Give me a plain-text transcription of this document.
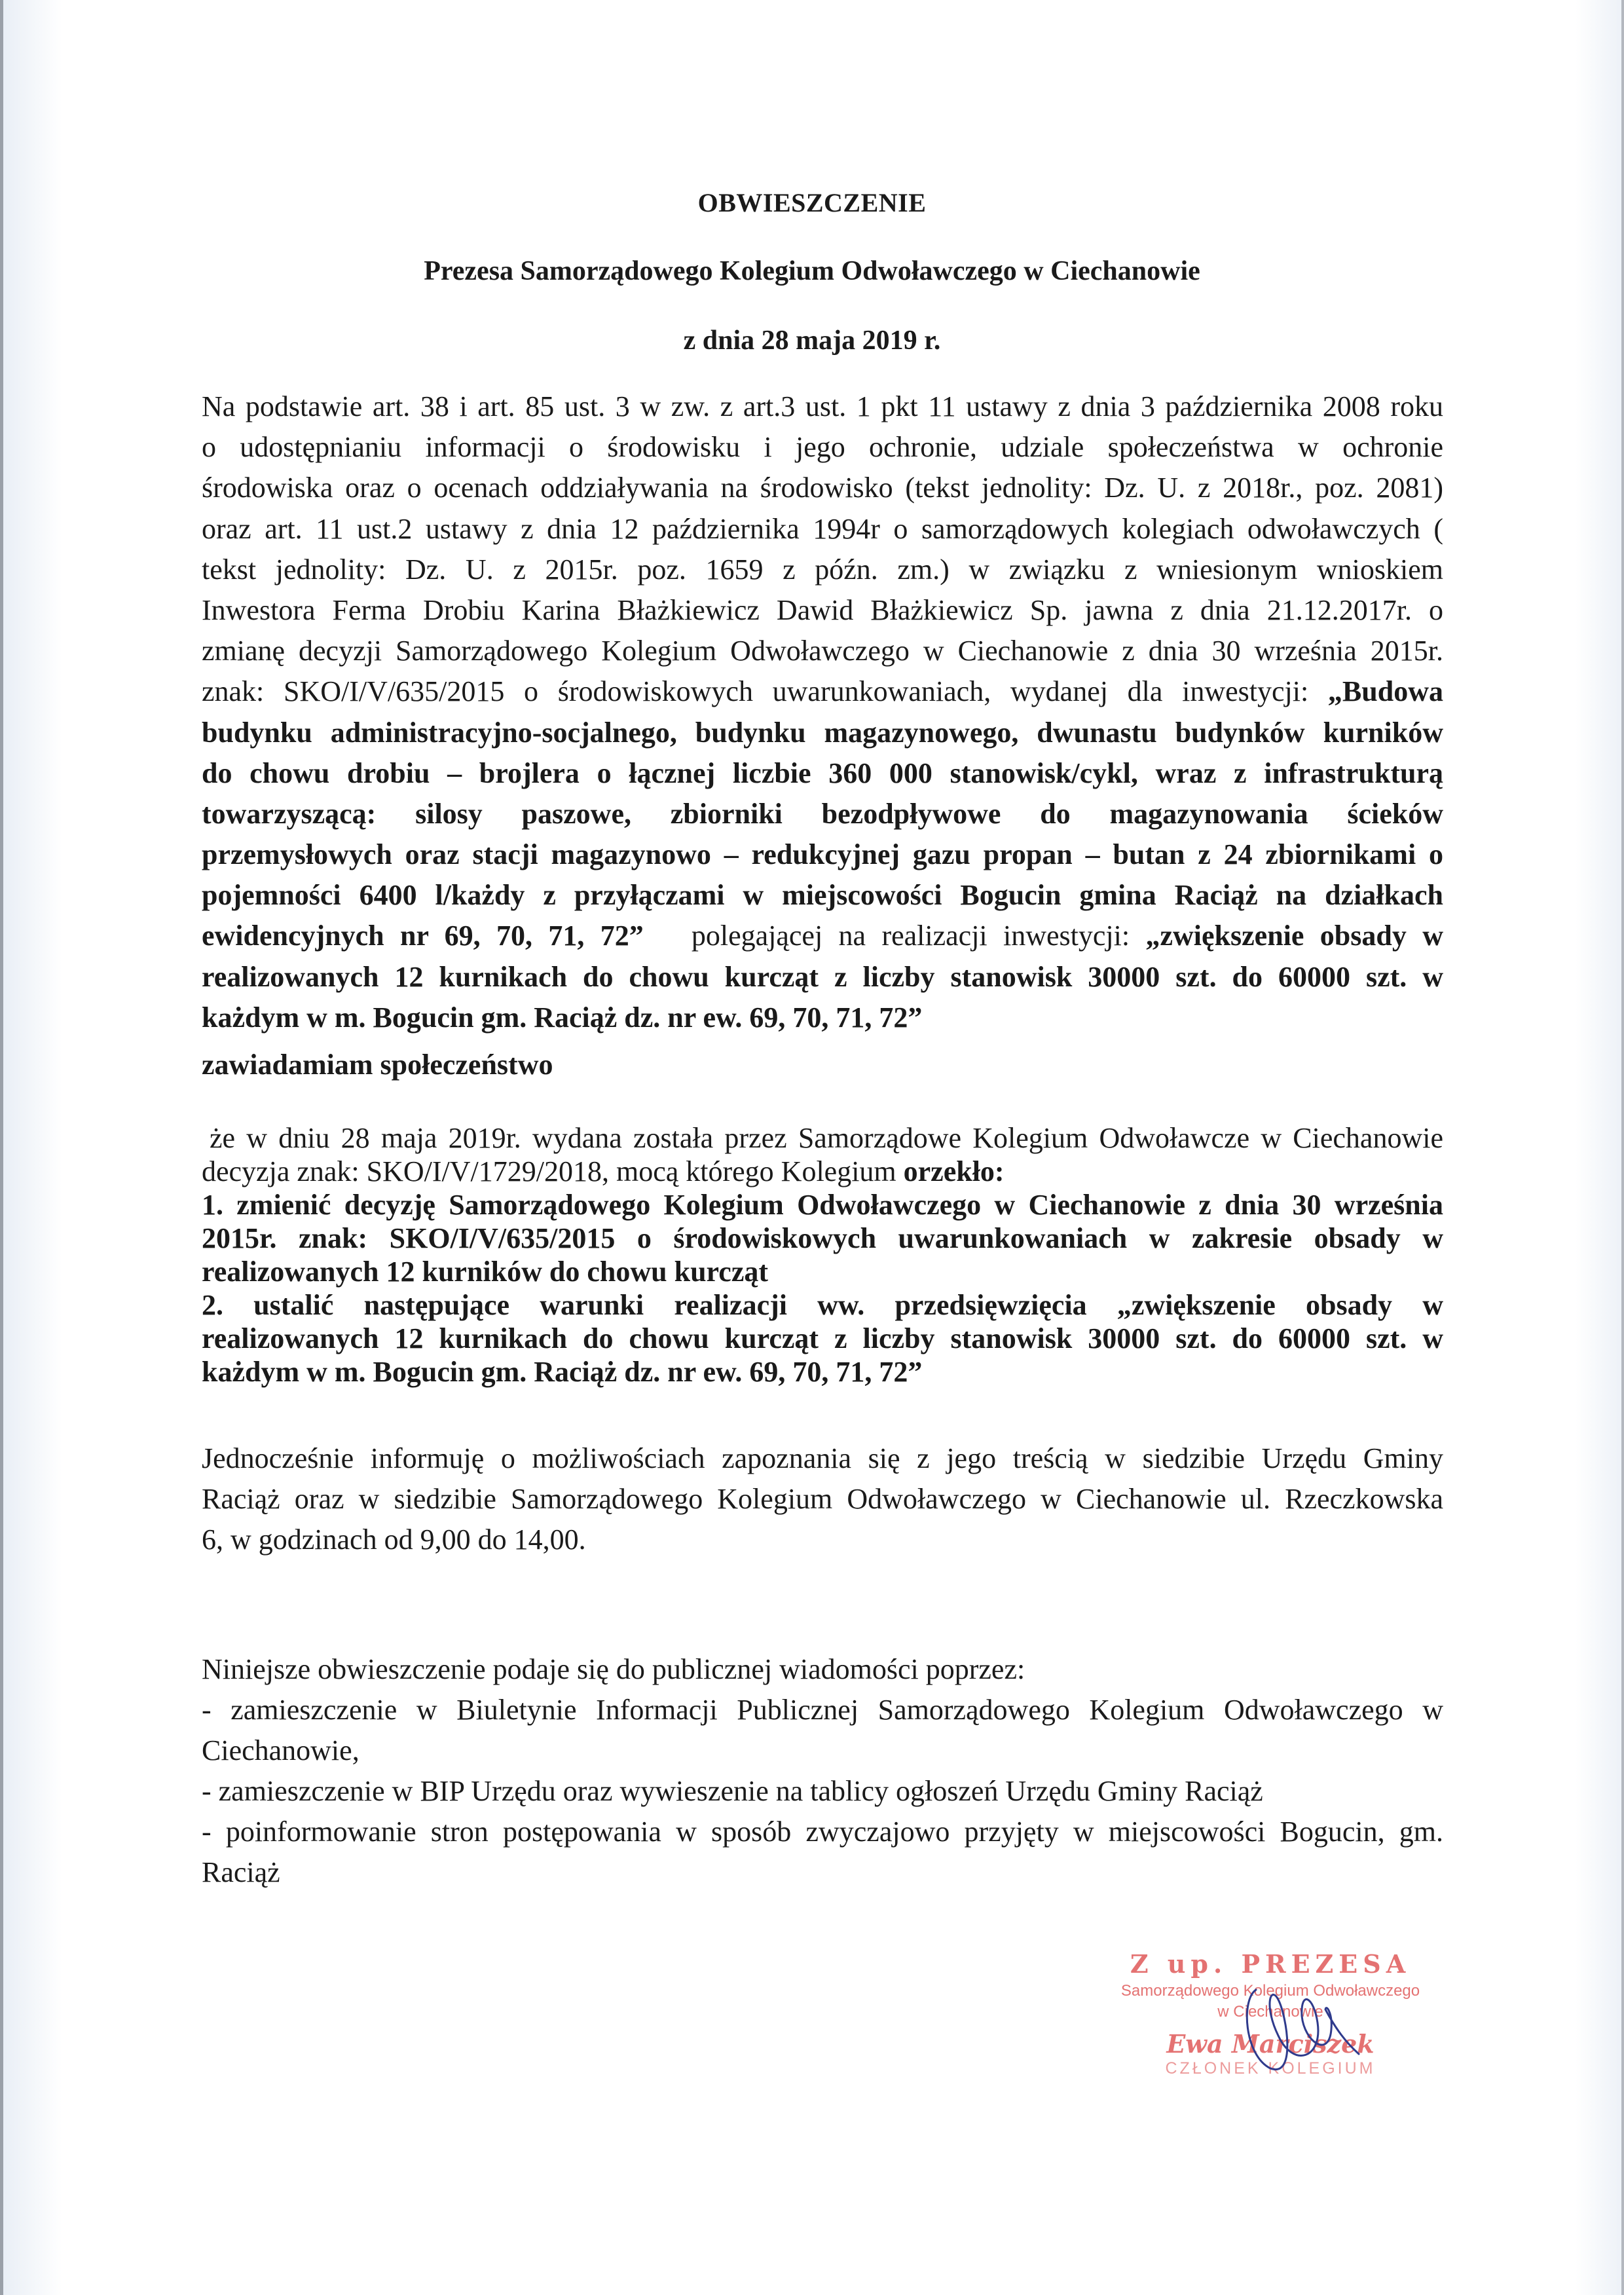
OBWIESZCZENIE
Prezesa Samorządowego Kolegium Odwoławczego w Ciechanowie
z dnia 28 maja 2019 r.
Na podstawie art. 38 i art. 85 ust. 3 w zw. z art.3 ust. 1 pkt 11 ustawy z dnia 3 października 2008 roku
o udostępnianiu informacji o środowisku i jego ochronie, udziale społeczeństwa w ochronie
środowiska oraz o ocenach oddziaływania na środowisko (tekst jednolity: Dz. U. z 2018r., poz. 2081)
oraz art. 11 ust.2 ustawy z dnia 12 października 1994r o samorządowych kolegiach odwoławczych (
tekst jednolity: Dz. U. z 2015r. poz. 1659 z późn. zm.) w związku z wniesionym wnioskiem
Inwestora Ferma Drobiu Karina Błażkiewicz Dawid Błażkiewicz Sp. jawna z dnia 21.12.2017r. o
zmianę decyzji Samorządowego Kolegium Odwoławczego w Ciechanowie z dnia 30 września 2015r.
znak: SKO/I/V/635/2015 o środowiskowych uwarunkowaniach, wydanej dla inwestycji: „Budowa
budynku administracyjno-socjalnego, budynku magazynowego, dwunastu budynków kurników
do chowu drobiu – brojlera o łącznej liczbie 360 000 stanowisk/cykl, wraz z infrastrukturą
towarzyszącą: silosy paszowe, zbiorniki bezodpływowe do magazynowania ścieków
przemysłowych oraz stacji magazynowo – redukcyjnej gazu propan – butan z 24 zbiornikami o
pojemności 6400 l/każdy z przyłączami w miejscowości Bogucin gmina Raciąż na działkach
ewidencyjnych nr 69, 70, 71, 72”   polegającej na realizacji inwestycji: „zwiększenie obsady w
realizowanych 12 kurnikach do chowu kurcząt z liczby stanowisk 30000 szt. do 60000 szt. w
każdym w m. Bogucin gm. Raciąż dz. nr ew. 69, 70, 71, 72”
zawiadamiam społeczeństwo
że w dniu 28 maja 2019r. wydana została przez Samorządowe Kolegium Odwoławcze w Ciechanowie
decyzja znak: SKO/I/V/1729/2018, mocą którego Kolegium orzekło:
1. zmienić decyzję Samorządowego Kolegium Odwoławczego w Ciechanowie z dnia 30 września
2015r. znak: SKO/I/V/635/2015 o środowiskowych uwarunkowaniach w zakresie obsady w
realizowanych 12 kurników do chowu kurcząt
2. ustalić następujące warunki realizacji ww. przedsięwzięcia „zwiększenie obsady w
realizowanych 12 kurnikach do chowu kurcząt z liczby stanowisk 30000 szt. do 60000 szt. w
każdym w m. Bogucin gm. Raciąż dz. nr ew. 69, 70, 71, 72”
Jednocześnie informuję o możliwościach zapoznania się z jego treścią w siedzibie Urzędu Gminy
Raciąż oraz w siedzibie Samorządowego Kolegium Odwoławczego w Ciechanowie ul. Rzeczkowska
6, w godzinach od 9,00 do 14,00.
Niniejsze obwieszczenie podaje się do publicznej wiadomości poprzez:
- zamieszczenie w Biuletynie Informacji Publicznej Samorządowego Kolegium Odwoławczego w
Ciechanowie,
- zamieszczenie w BIP Urzędu oraz wywieszenie na tablicy ogłoszeń Urzędu Gminy Raciąż
- poinformowanie stron postępowania w sposób zwyczajowo przyjęty w miejscowości Bogucin, gm.
Raciąż
Z up. PREZESA
Samorządowego Kolegium Odwoławczego
w Ciechanowie
Ewa Marciszek
CZŁONEK KOLEGIUM
